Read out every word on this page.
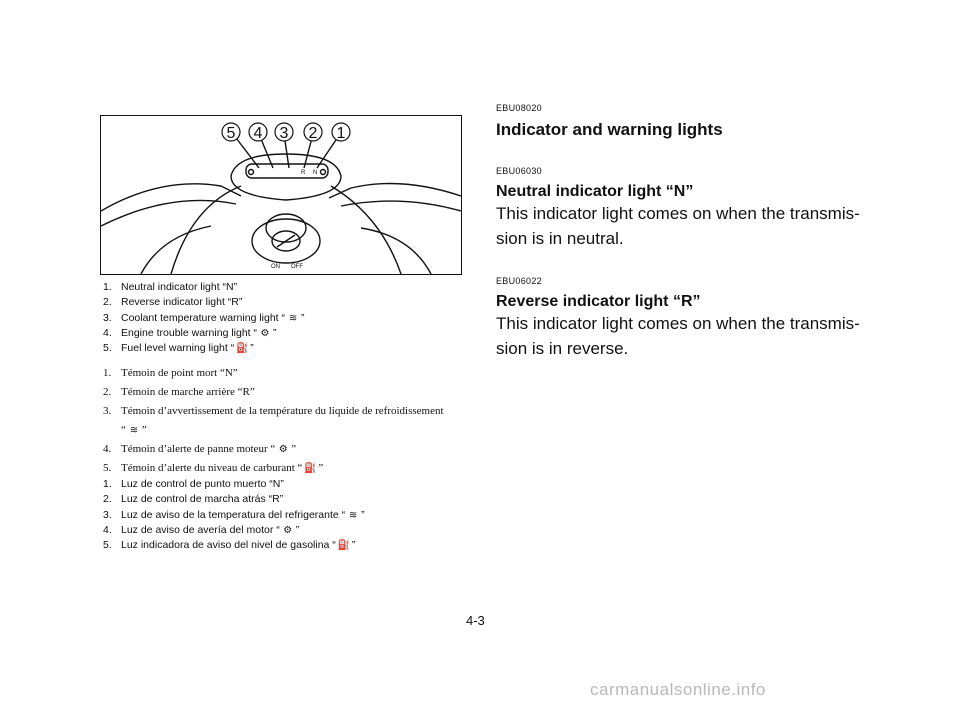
5 4 3 2 1
R N
ON OFF
1. Neutral indicator light “N”
2. Reverse indicator light “R”
3. Coolant temperature warning light “ ≋ ”
4. Engine trouble warning light “ ⚙ ”
5. Fuel level warning light “ ⛽ ”
1. Témoin de point mort “N”
2. Témoin de marche arrière “R”
3. Témoin d’avvertissement de la température du liquide de refroidissement “ ≋ ”
4. Témoin d’alerte de panne moteur “ ⚙ ”
5. Témoin d’alerte du niveau de carburant “ ⛽ ”
1. Luz de control de punto muerto “N”
2. Luz de control de marcha atrás “R”
3. Luz de aviso de la temperatura del refrigerante “ ≋ ”
4. Luz de aviso de avería del motor “ ⚙ ”
5. Luz indicadora de aviso del nivel de gasolina “ ⛽ ”
EBU08020
Indicator and warning lights
EBU06030
Neutral indicator light “N”
This indicator light comes on when the transmis-
sion is in neutral.
EBU06022
Reverse indicator light “R”
This indicator light comes on when the transmis-
sion is in reverse.
4-3
carmanualsonline.info
